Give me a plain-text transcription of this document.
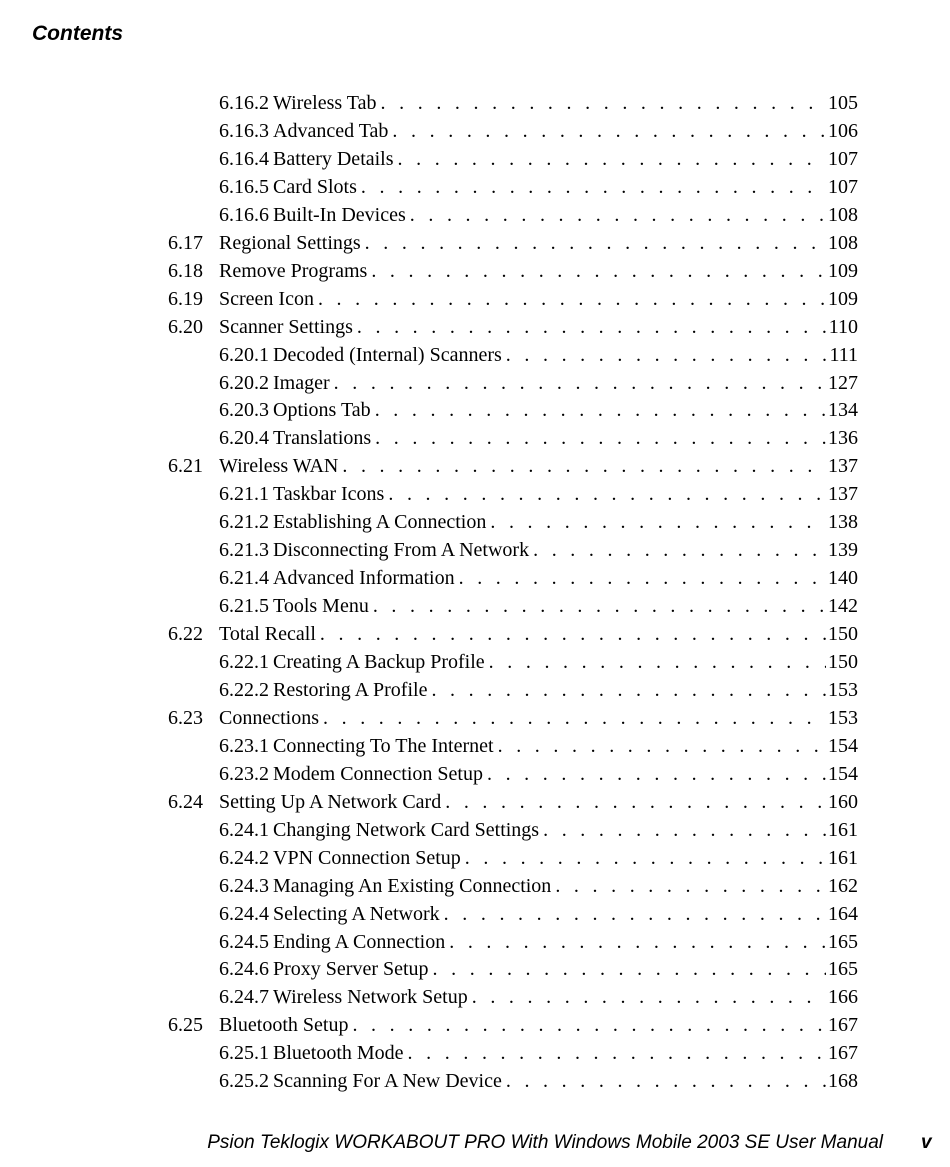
Contents
6.16.2 Wireless Tab . . .	105
6.16.3 Advanced Tab . . .	106
6.16.4 Battery Details . . .	107
6.16.5 Card Slots . . .	107
6.16.6 Built-In Devices . . .	108
6.17 Regional Settings . . .	108
6.18 Remove Programs . . .	109
6.19 Screen Icon . . .	109
6.20 Scanner Settings . . .	110
6.20.1 Decoded (Internal) Scanners . . .	111
6.20.2 Imager . . .	127
6.20.3 Options Tab . . .	134
6.20.4 Translations . . .	136
6.21 Wireless WAN . . .	137
6.21.1 Taskbar Icons . . .	137
6.21.2 Establishing A Connection . . .	138
6.21.3 Disconnecting From A Network . . .	139
6.21.4 Advanced Information . . .	140
6.21.5 Tools Menu . . .	142
6.22 Total Recall . . .	150
6.22.1 Creating A Backup Profile . . .	150
6.22.2 Restoring A Profile . . .	153
6.23 Connections . . .	153
6.23.1 Connecting To The Internet . . .	154
6.23.2 Modem Connection Setup . . .	154
6.24 Setting Up A Network Card . . .	160
6.24.1 Changing Network Card Settings . . .	161
6.24.2 VPN Connection Setup . . .	161
6.24.3 Managing An Existing Connection . . .	162
6.24.4 Selecting A Network . . .	164
6.24.5 Ending A Connection . . .	165
6.24.6 Proxy Server Setup . . .	165
6.24.7 Wireless Network Setup . . .	166
6.25 Bluetooth Setup . . .	167
6.25.1 Bluetooth Mode . . .	167
6.25.2 Scanning For A New Device . . .	168
Psion Teklogix WORKABOUT PRO With Windows Mobile 2003 SE User Manual v
